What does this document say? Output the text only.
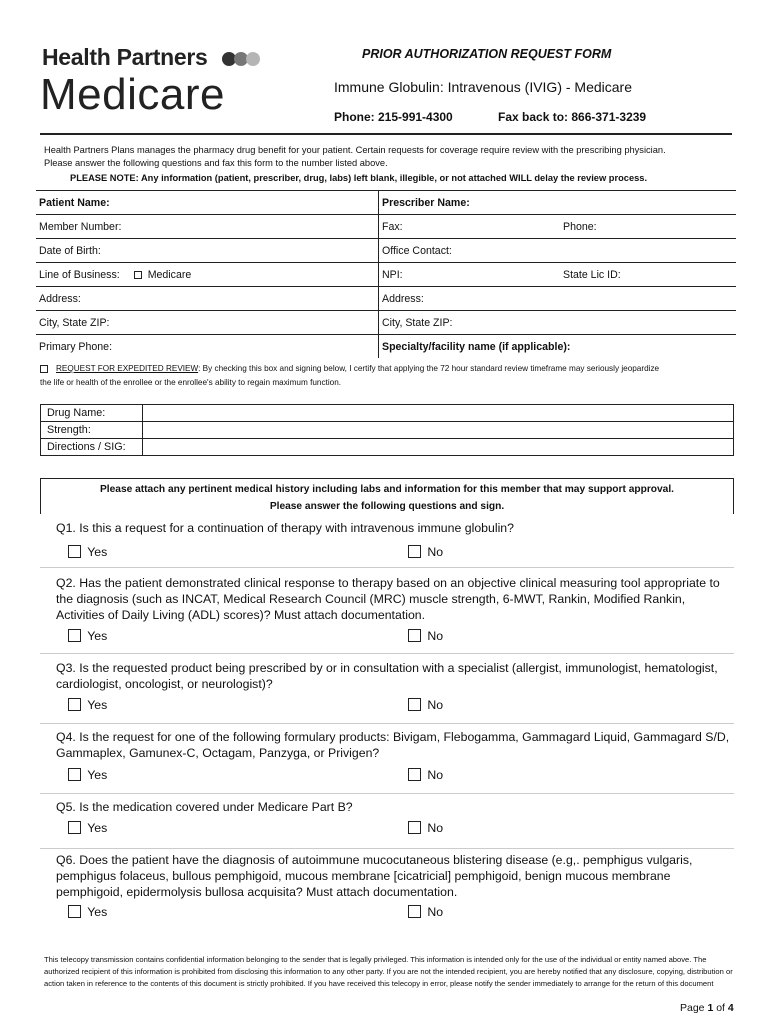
Health Partners
Medicare
PRIOR AUTHORIZATION REQUEST FORM
Immune Globulin: Intravenous (IVIG) - Medicare
Phone: 215-991-4300	Fax back to: 866-371-3239
Health Partners Plans manages the pharmacy drug benefit for your patient. Certain requests for coverage require review with the prescribing physician.
Please answer the following questions and fax this form to the number listed above.
PLEASE NOTE: Any information (patient, prescriber, drug, labs) left blank, illegible, or not attached WILL delay the review process.
Patient Name:	Prescriber Name:
Member Number:	Fax: Phone:

Date of Birth:	Office Contact:
Line of Business: Medicare	NPI: State Lic ID:

Address:	Address:
City, State ZIP:	City, State ZIP:
Primary Phone:	Specialty/facility name (if applicable):
REQUEST FOR EXPEDITED REVIEW: By checking this box and signing below, I certify that applying the 72 hour standard review timeframe may seriously jeopardize
the life or health of the enrollee or the enrollee's ability to regain maximum function.
Drug Name:	
Strength:	
Directions / SIG:	
Please attach any pertinent medical history including labs and information for this member that may support approval.
Please answer the following questions and sign.
Q1. Is this a request for a continuation of therapy with intravenous immune globulin?
Yes	No
Q2. Has the patient demonstrated clinical response to therapy based on an objective clinical measuring tool appropriate to the diagnosis (such as INCAT, Medical Research Council (MRC) muscle strength, 6-MWT, Rankin, Modified Rankin, Activities of Daily Living (ADL) scores)? Must attach documentation.
Yes	No
Q3. Is the requested product being prescribed by or in consultation with a specialist (allergist, immunologist, hematologist, cardiologist, oncologist, or neurologist)?
Yes	No
Q4. Is the request for one of the following formulary products: Bivigam, Flebogamma, Gammagard Liquid, Gammagard S/D, Gammaplex, Gamunex-C, Octagam, Panzyga, or Privigen?
Yes	No
Q5. Is the medication covered under Medicare Part B?
Yes	No
Q6. Does the patient have the diagnosis of autoimmune mucocutaneous blistering disease (e.g,. pemphigus vulgaris, pemphigus folaceus, bullous pemphigoid, mucous membrane [cicatricial] pemphigoid, benign mucous membrane pemphigoid, epidermolysis bullosa acquisita? Must attach documentation.
Yes	No
This telecopy transmission contains confidential information belonging to the sender that is legally privileged. This information is intended only for the use of the individual or entity named above. The authorized recipient of this information is prohibited from disclosing this information to any other party. If you are not the intended recipient, you are hereby notified that any disclosure, copying, distribution or action taken in reference to the contents of this document is strictly prohibited. If you have received this telecopy in error, please notify the sender immediately to arrange for the return of this document
Page 1 of 4
